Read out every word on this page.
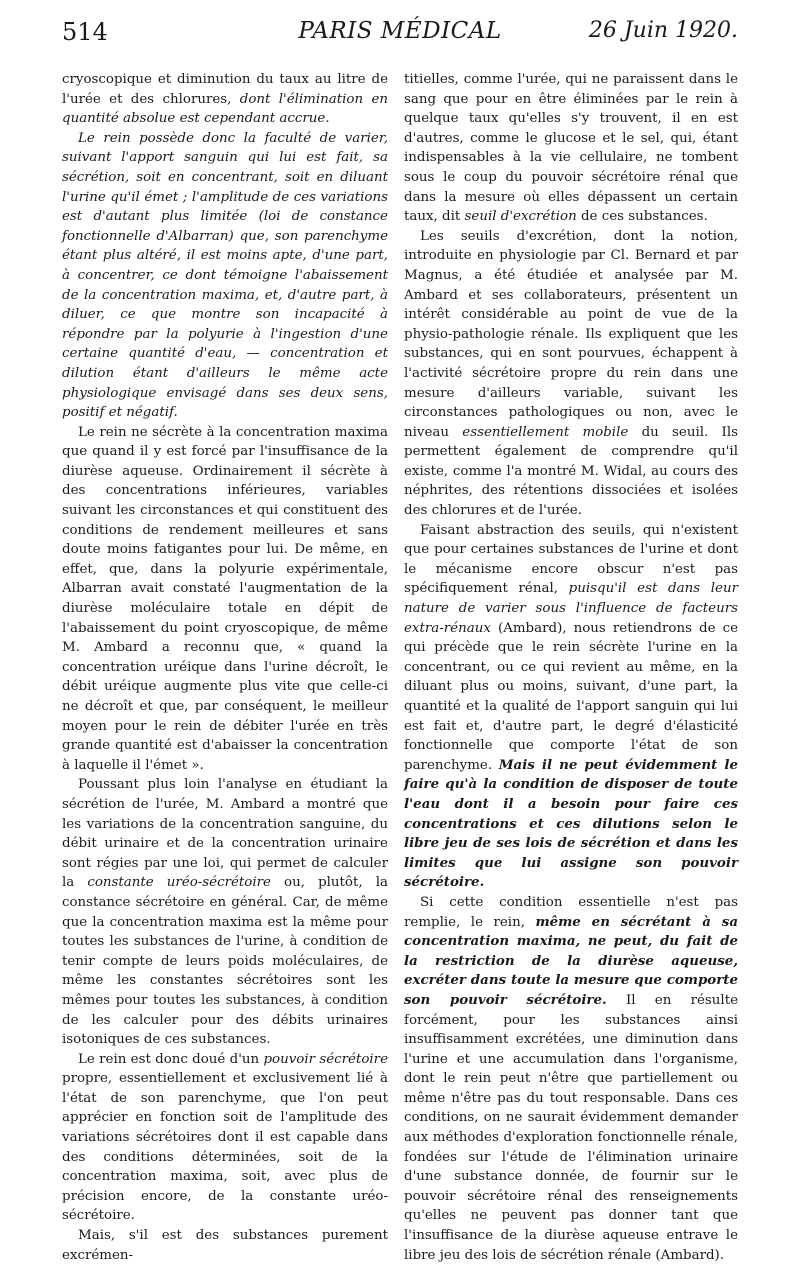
514	PARIS MÉDICAL	26 Juin 1920.

cryoscopique et diminution du taux au litre de l'urée et des chlorures, dont l'élimination en quantité absolue est cependant accrue.

Le rein possède donc la faculté de varier, suivant l'apport sanguin qui lui est fait, sa sécrétion, soit en concentrant, soit en diluant l'urine qu'il émet ; l'amplitude de ces variations est d'autant plus limitée (loi de constance fonctionnelle d'Albarran) que, son parenchyme étant plus altéré, il est moins apte, d'une part, à concentrer, ce dont témoigne l'abaissement de la concentration maxima, et, d'autre part, à diluer, ce que montre son incapacité à répondre par la polyurie à l'ingestion d'une certaine quantité d'eau, — concentration et dilution étant d'ailleurs le même acte physiologique envisagé dans ses deux sens, positif et négatif.

Le rein ne sécrète à la concentration maxima que quand il y est forcé par l'insuffisance de la diurèse aqueuse. Ordinairement il sécrète à des concentrations inférieures, variables suivant les circonstances et qui constituent des conditions de rendement meilleures et sans doute moins fatigantes pour lui. De même, en effet, que, dans la polyurie expérimentale, Albarran avait constaté l'augmentation de la diurèse moléculaire totale en dépit de l'abaissement du point cryoscopique, de même M. Ambard a reconnu que, « quand la concentration uréique dans l'urine décroît, le débit uréique augmente plus vite que celle-ci ne décroît et que, par conséquent, le meilleur moyen pour le rein de débiter l'urée en très grande quantité est d'abaisser la concentration à laquelle il l'émet ».

Poussant plus loin l'analyse en étudiant la sécrétion de l'urée, M. Ambard a montré que les variations de la concentration sanguine, du débit urinaire et de la concentration urinaire sont régies par une loi, qui permet de calculer la constante uréo-sécrétoire ou, plutôt, la constance sécrétoire en général. Car, de même que la concentration maxima est la même pour toutes les substances de l'urine, à condition de tenir compte de leurs poids moléculaires, de même les constantes sécrétoires sont les mêmes pour toutes les substances, à condition de les calculer pour des débits urinaires isotoniques de ces substances.

Le rein est donc doué d'un pouvoir sécrétoire propre, essentiellement et exclusivement lié à l'état de son parenchyme, que l'on peut apprécier en fonction soit de l'amplitude des variations sécrétoires dont il est capable dans des conditions déterminées, soit de la concentration maxima, soit, avec plus de précision encore, de la constante uréo-sécrétoire.

Mais, s'il est des substances purement excrémen-

titielles, comme l'urée, qui ne paraissent dans le sang que pour en être éliminées par le rein à quelque taux qu'elles s'y trouvent, il en est d'autres, comme le glucose et le sel, qui, étant indispensables à la vie cellulaire, ne tombent sous le coup du pouvoir sécrétoire rénal que dans la mesure où elles dépassent un certain taux, dit seuil d'excrétion de ces substances.

Les seuils d'excrétion, dont la notion, introduite en physiologie par Cl. Bernard et par Magnus, a été étudiée et analysée par M. Ambard et ses collaborateurs, présentent un intérêt considérable au point de vue de la physio-pathologie rénale. Ils expliquent que les substances, qui en sont pourvues, échappent à l'activité sécrétoire propre du rein dans une mesure d'ailleurs variable, suivant les circonstances pathologiques ou non, avec le niveau essentiellement mobile du seuil. Ils permettent également de comprendre qu'il existe, comme l'a montré M. Widal, au cours des néphrites, des rétentions dissociées et isolées des chlorures et de l'urée.

Faisant abstraction des seuils, qui n'existent que pour certaines substances de l'urine et dont le mécanisme encore obscur n'est pas spécifiquement rénal, puisqu'il est dans leur nature de varier sous l'influence de facteurs extra-rénaux (Ambard), nous retiendrons de ce qui précède que le rein sécrète l'urine en la concentrant, ou ce qui revient au même, en la diluant plus ou moins, suivant, d'une part, la quantité et la qualité de l'apport sanguin qui lui est fait et, d'autre part, le degré d'élasticité fonctionnelle que comporte l'état de son parenchyme. Mais il ne peut évidemment le faire qu'à la condition de disposer de toute l'eau dont il a besoin pour faire ces concentrations et ces dilutions selon le libre jeu de ses lois de sécrétion et dans les limites que lui assigne son pouvoir sécrétoire.

Si cette condition essentielle n'est pas remplie, le rein, même en sécrétant à sa concentration maxima, ne peut, du fait de la restriction de la diurèse aqueuse, excréter dans toute la mesure que comporte son pouvoir sécrétoire. Il en résulte forcément, pour les substances ainsi insuffisamment excrétées, une diminution dans l'urine et une accumulation dans l'organisme, dont le rein peut n'être que partiellement ou même n'être pas du tout responsable. Dans ces conditions, on ne saurait évidemment demander aux méthodes d'exploration fonctionnelle rénale, fondées sur l'étude de l'élimination urinaire d'une substance donnée, de fournir sur le pouvoir sécrétoire rénal des renseignements qu'elles ne peuvent pas donner tant que l'insuffisance de la diurèse aqueuse entrave le libre jeu des lois de sécrétion rénale (Ambard).
